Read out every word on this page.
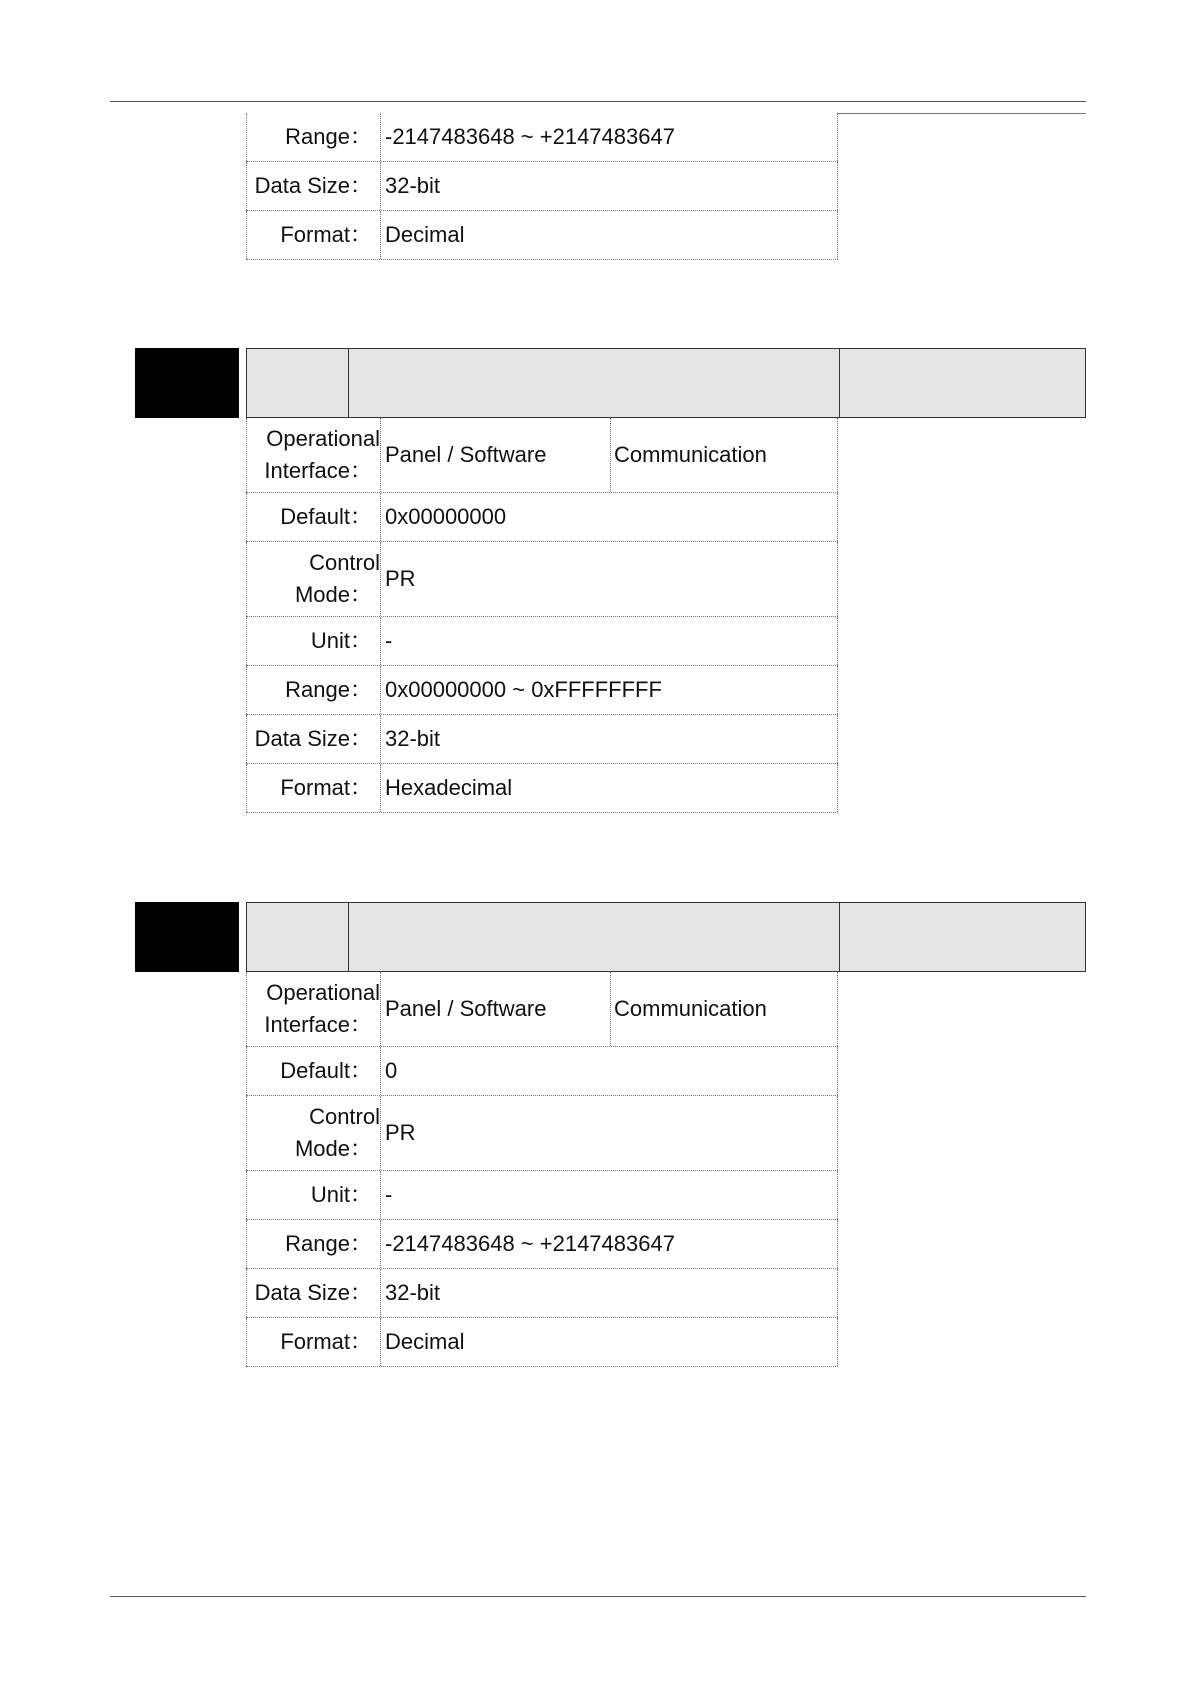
Range： -2147483648 ~ +2147483647
Data Size： 32-bit
Format： Decimal
Operational
Interface：
Panel / Software	Communication
Default： 0x00000000
Control
Mode：
PR
Unit： -
Range： 0x00000000 ~ 0xFFFFFFFF
Data Size： 32-bit
Format： Hexadecimal
Operational
Interface：
Panel / Software	Communication
Default： 0
Control
Mode：
PR
Unit： -
Range： -2147483648 ~ +2147483647
Data Size： 32-bit
Format： Decimal
